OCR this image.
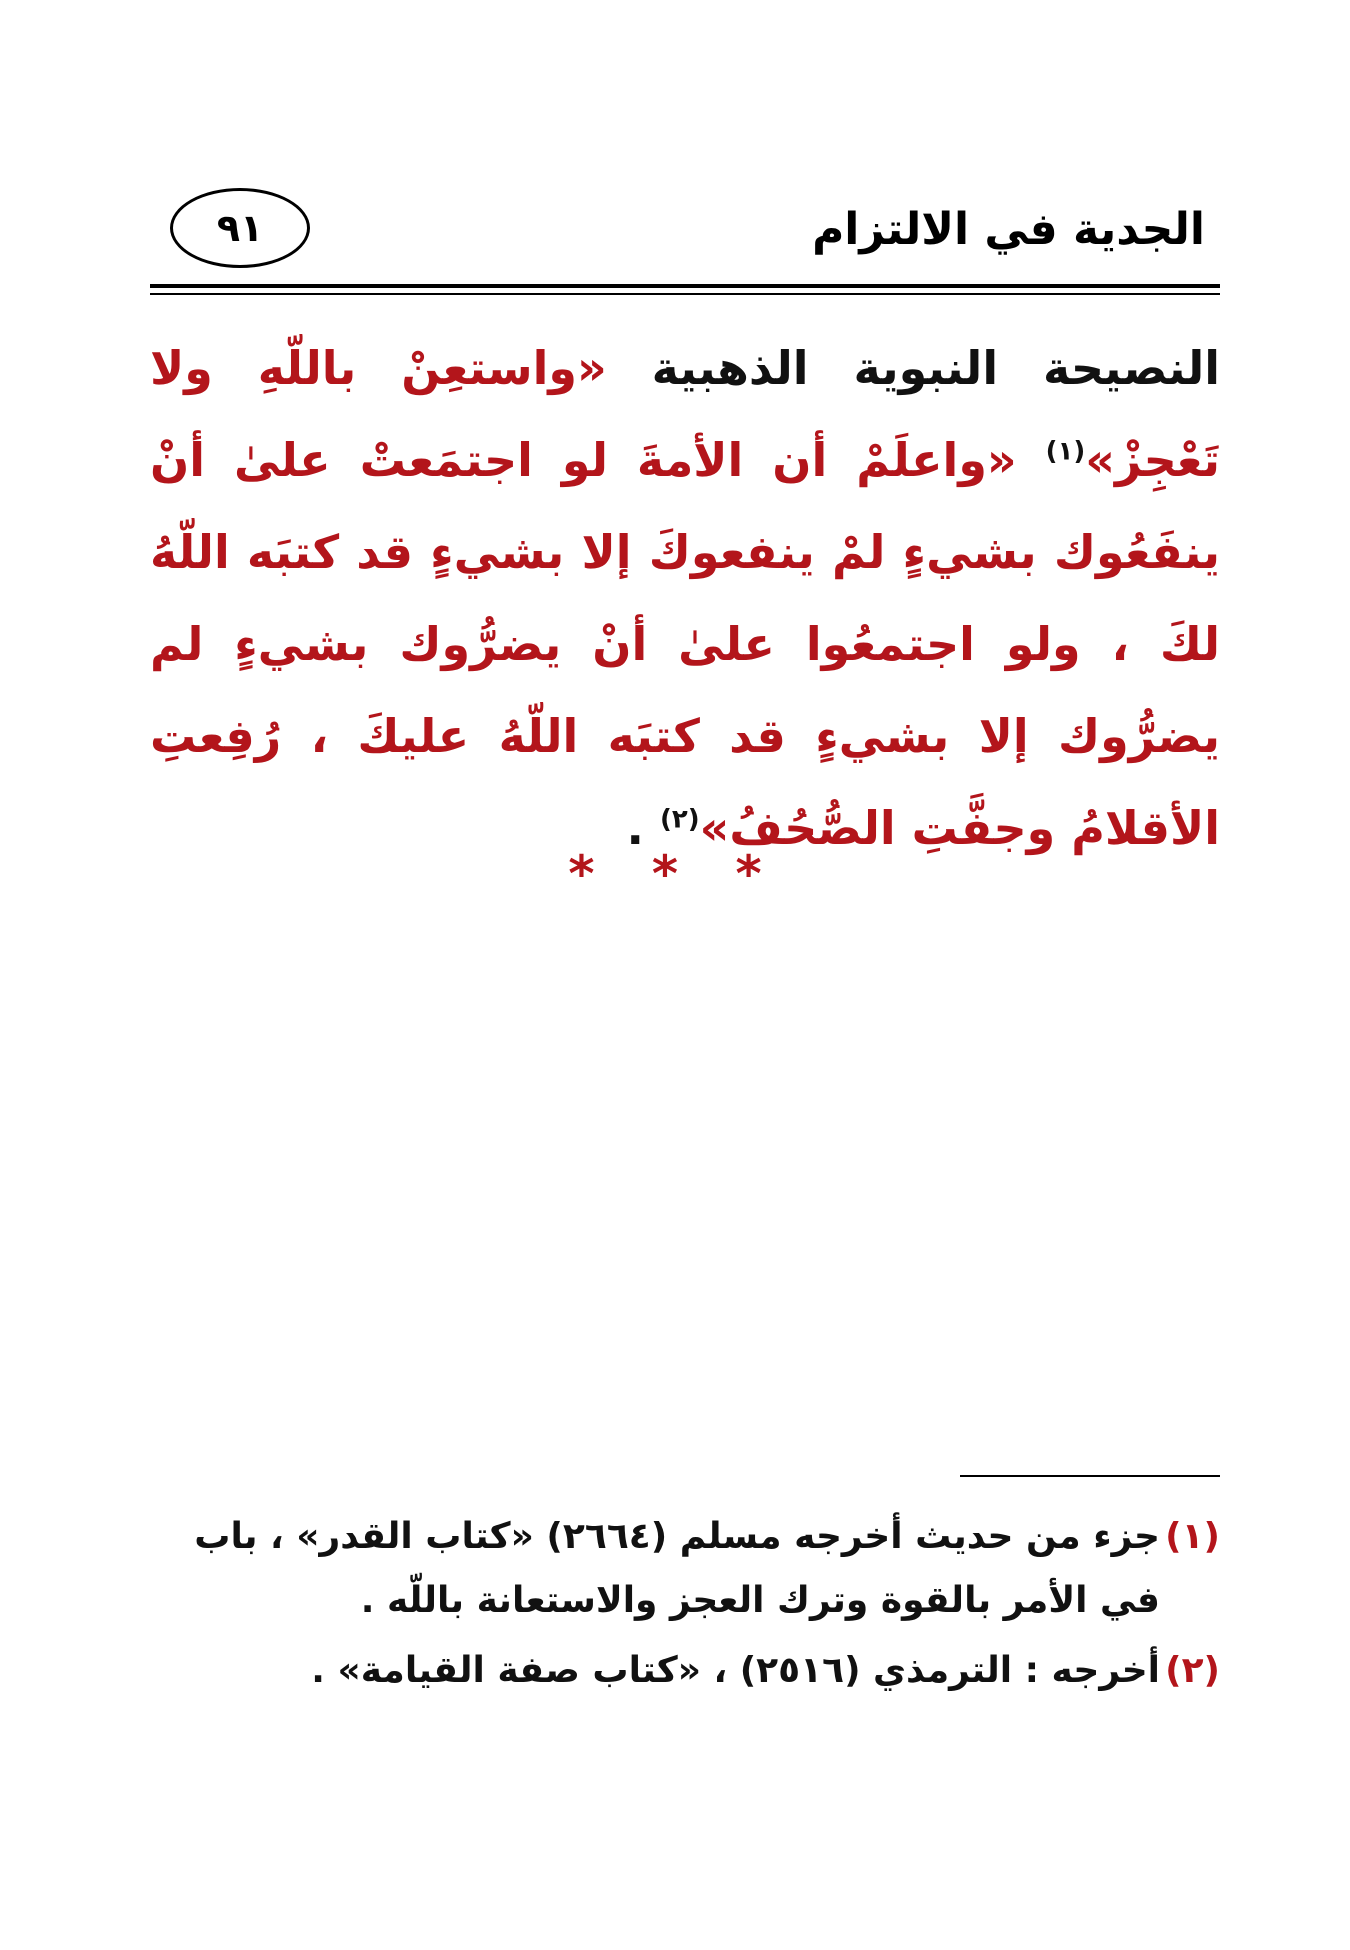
الجدية في الالتزام
٩١
النصيحة النبوية الذهبية «واستعِنْ باللّهِ ولا تَعْجِزْ»$^{(١)}$ «واعلَمْ أن الأمةَ لو اجتمَعتْ علىٰ أنْ ينفَعُوك بشيءٍ لمْ ينفعوكَ إلا بشيءٍ قد كتبَه اللّهُ لكَ ، ولو اجتمعُوا علىٰ أنْ يضرُّوك بشيءٍ لم يضرُّوك إلا بشيءٍ قد كتبَه اللّهُ عليكَ ، رُفِعتِ الأقلامُ وجفَّتِ الصُّحُفُ»$^{(٢)}$ .
* * *
(١)
جزء من حديث أخرجه مسلم (٢٦٦٤) «كتاب القدر» ، باب في الأمر بالقوة وترك العجز والاستعانة باللّه .
(٢)
أخرجه : الترمذي (٢٥١٦) ، «كتاب صفة القيامة» .
